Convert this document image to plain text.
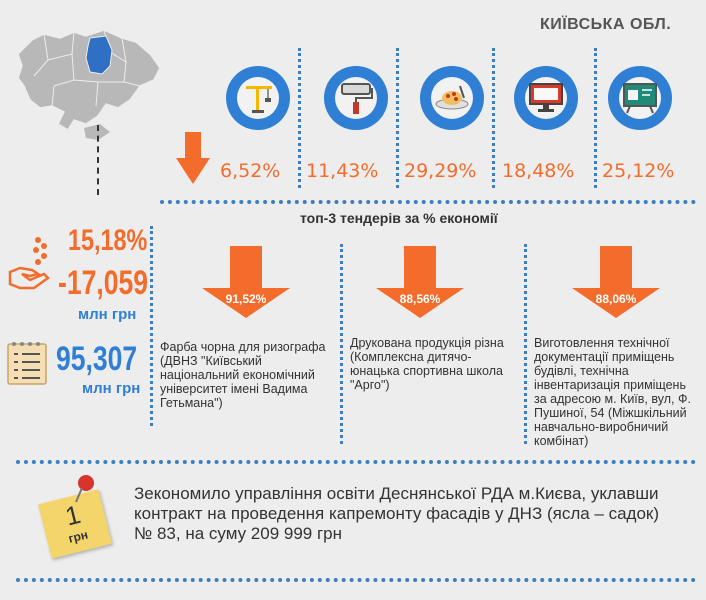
КИЇВСЬКА ОБЛ.
6,52% 11,43% 29,29% 18,48% 25,12%
топ-3 тендерів за % економії
15,18%
-17,059
млн грн
95,307
млн грн
91,52%	88,56%	88,06%
Фарба чорна для ризографа (ДВНЗ "Київський національний економічний університет імені Вадима Гетьмана")
Друкована продукція різна (Комплексна дитячо-юнацька спортивна школа "Арго")
Виготовлення технічної документації приміщень будівлі, технічна інвентаризація приміщень за адресою м. Київ, вул, Ф. Пушиної, 54 (Міжшкільний навчально-виробничий комбінат)
1
грн
Зекономило управління освіти Деснянської РДА м.Києва, уклавши контракт на проведення капремонту фасадів у ДНЗ (ясла – садок) № 83, на суму 209 999 грн
